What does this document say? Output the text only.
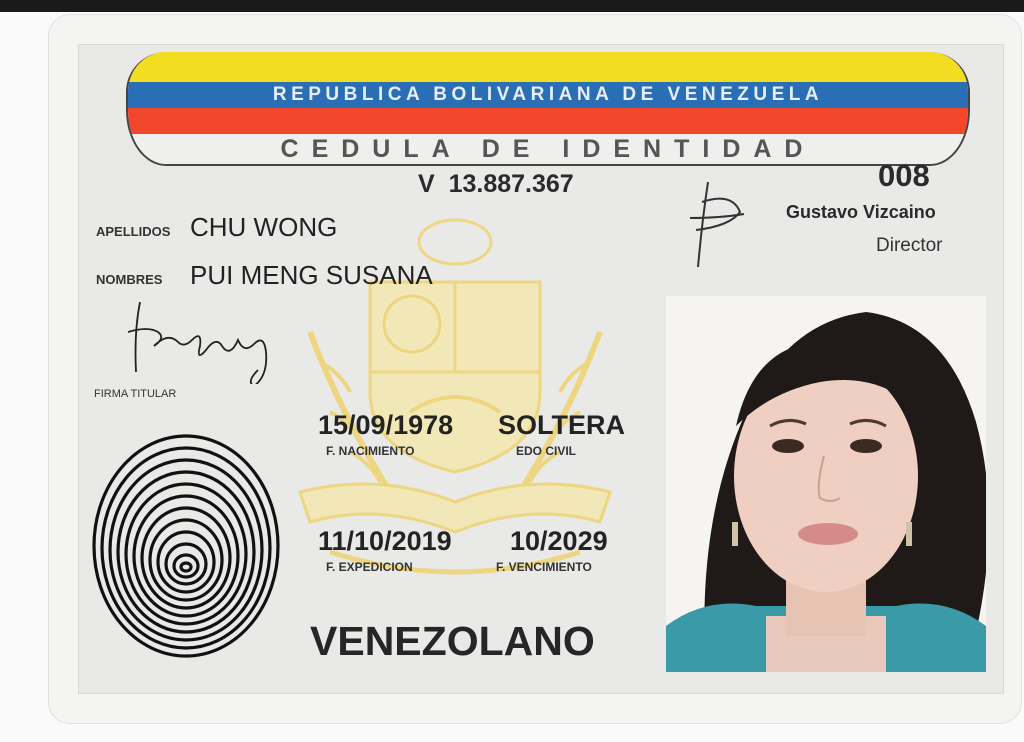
REPUBLICA BOLIVARIANA DE VENEZUELA
CEDULA DE IDENTIDAD
V  13.887.367	008
Gustavo Vizcaino
Director
APELLIDOS CHU WONG
NOMBRES PUI MENG SUSANA
FIRMA TITULAR
15/09/1978
F. NACIMIENTO
SOLTERA
EDO CIVIL
11/10/2019
F. EXPEDICION
10/2029
F. VENCIMIENTO
VENEZOLANO
